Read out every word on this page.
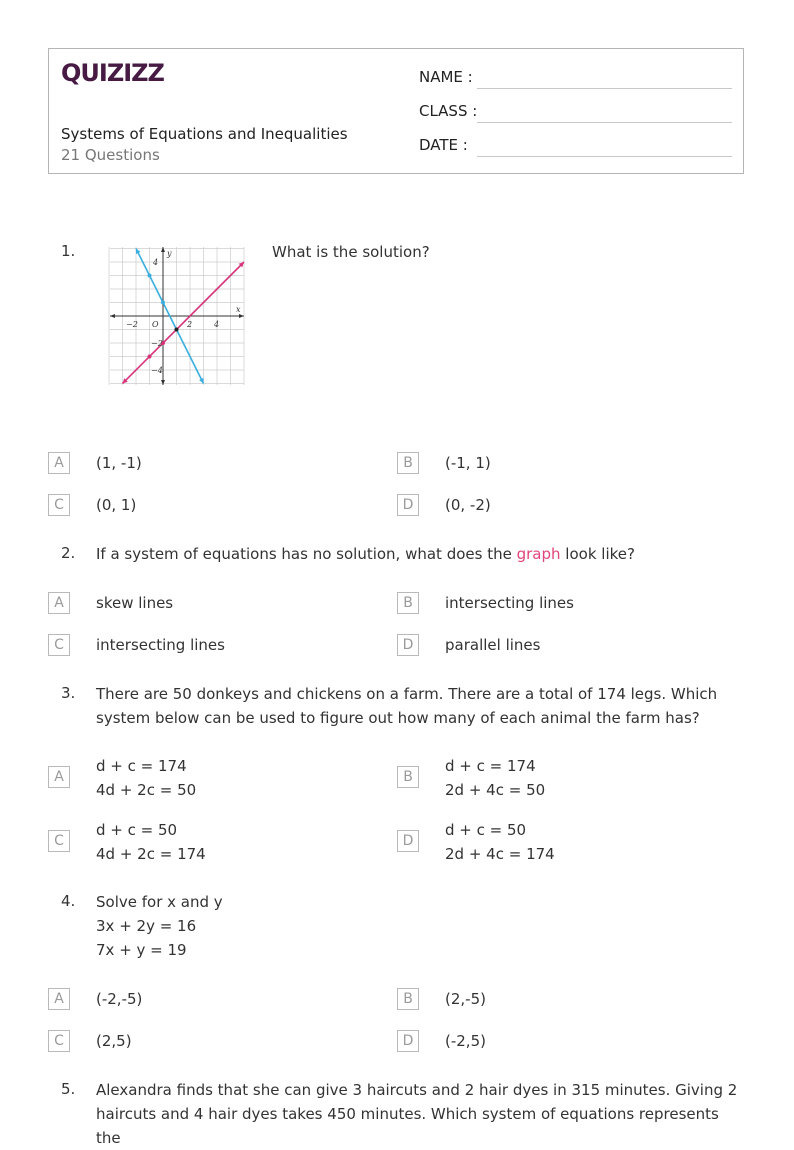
QUIZIZZ
Systems of Equations and Inequalities
21 Questions
NAME :
CLASS :
DATE :
1.	What is the solution?
−2 O	2	4
4
−2
−4
x
y
A	(1, -1)	B	(-1, 1)
C	(0, 1)	D	(0, -2)
2. If a system of equations has no solution, what does the graph look like?
A	skew lines	B	intersecting lines
C	intersecting lines	D	parallel lines
3. There are 50 donkeys and chickens on a farm. There are a total of 174 legs. Which
system below can be used to figure out how many of each animal the farm has?
A
d + c = 174
4d + 2c = 50
B
d + c = 174
2d + 4c = 50
C
d + c = 50
4d + 2c = 174
D
d + c = 50
2d + 4c = 174
4. Solve for x and y
3x + 2y = 16
7x + y = 19
A	(-2,-5)	B	(2,-5)
C	(2,5)	D	(-2,5)
5. Alexandra finds that she can give 3 haircuts and 2 hair dyes in 315 minutes. Giving 2
haircuts and 4 hair dyes takes 450 minutes. Which system of equations represents the
